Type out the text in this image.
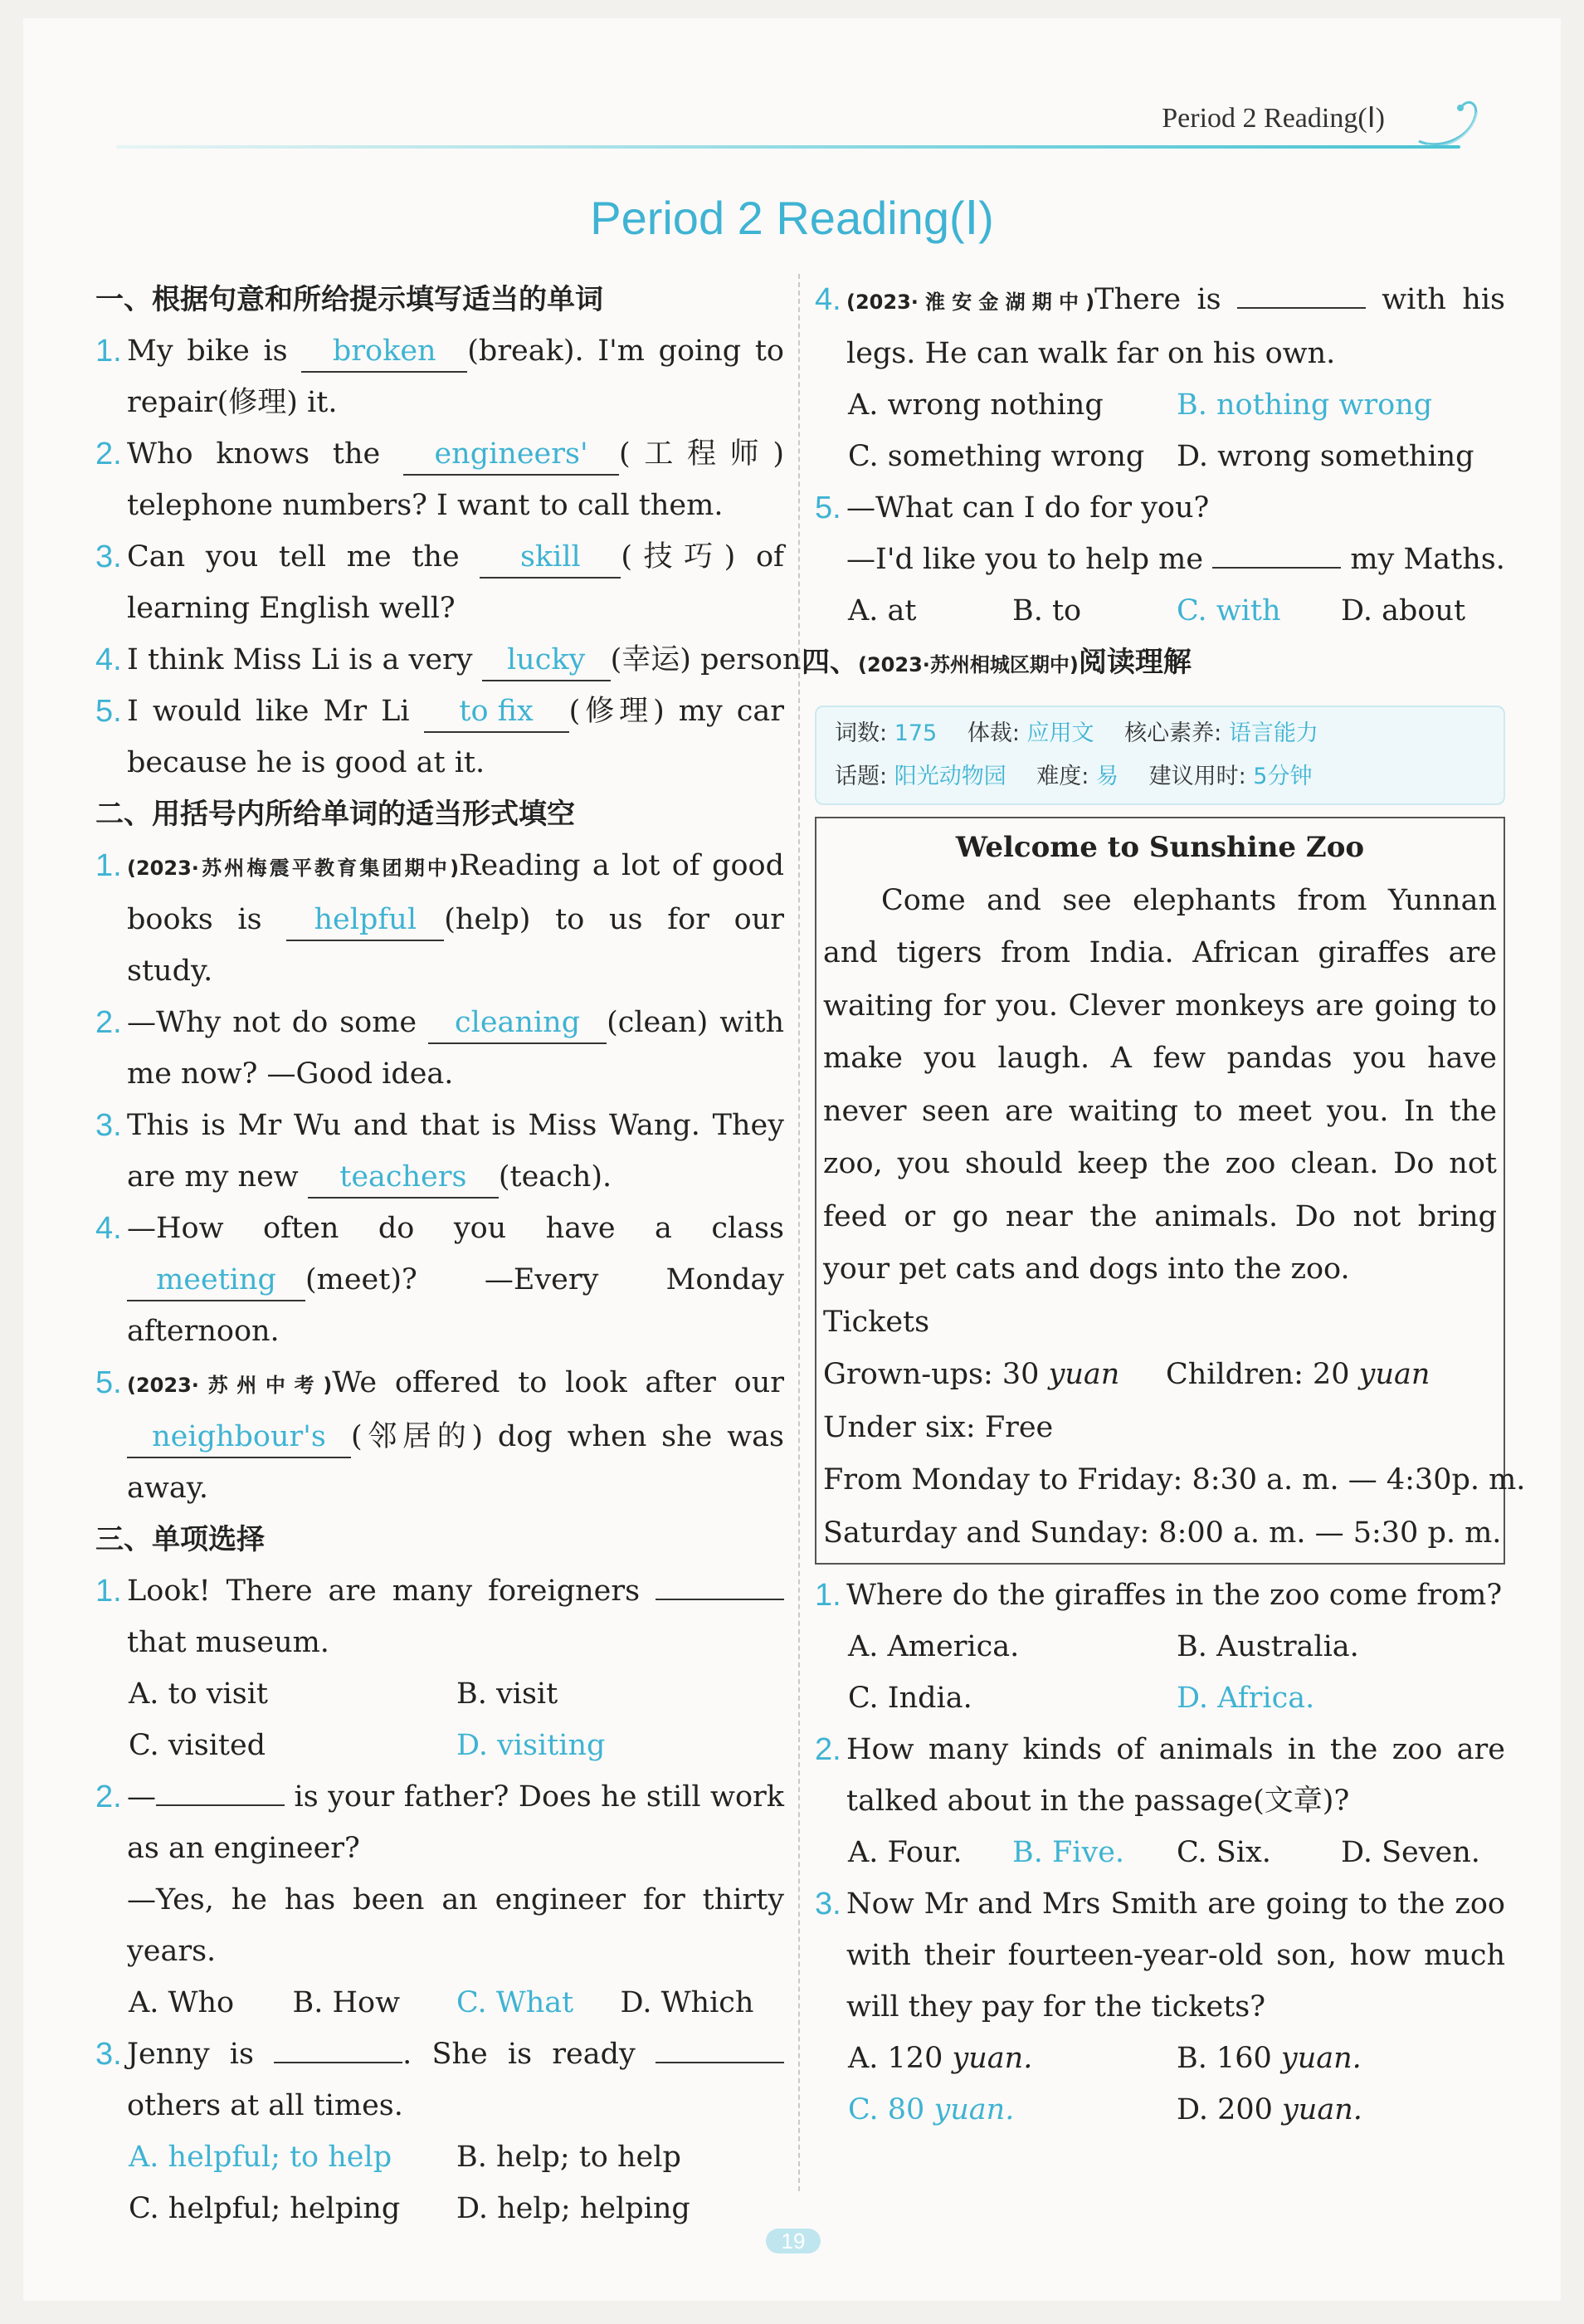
Period 2 Reading(Ⅰ)
Period 2 Reading(Ⅰ)
一、根据句意和所给提示填写适当的单词
1. My bike is broken (break). I'm going to repair(修理) it.
2. Who knows the engineers' (工程师) telephone numbers? I want to call them.
3. Can you tell me the skill (技巧) of learning English well?
4. I think Miss Li is a very lucky (幸运) person.
5. I would like Mr Li to fix (修理) my car because he is good at it.
二、用括号内所给单词的适当形式填空
1. (2023·苏州梅震平教育集团期中)Reading a lot of good books is helpful (help) to us for our study.
2. —Why not do some cleaning (clean) with me now? —Good idea.
3. This is Mr Wu and that is Miss Wang. They are my new teachers (teach).
4. —How often do you have a class meeting (meet)? —Every Monday afternoon.
5. (2023·苏州中考)We offered to look after our neighbour's (邻居的) dog when she was away.
三、单项选择
1. Look! There are many foreigners  that museum.
A. to visit	B. visit
C. visited	D. visiting
2. —	is your father? Does he still work as an engineer?
—Yes, he has been an engineer for thirty years.
A. Who	B. How	C. What	D. Which
3. Jenny is	. She is ready  others at all times.
A. helpful; to help	B. help; to help
C. helpful; helping	D. help; helping
4. (2023·淮安金湖期中)There is	with his legs. He can walk far on his own.
A. wrong nothing	B. nothing wrong
C. something wrong	D. wrong something
5. —What can I do for you?
—I'd like you to help me	my Maths.
A. at	B. to	C. with	D. about
四、(2023·苏州相城区期中)阅读理解
词数: 175 体裁: 应用文 核心素养: 语言能力
话题: 阳光动物园 难度: 易 建议用时: 5分钟
Welcome to Sunshine Zoo

Come and see elephants from Yunnan and tigers from India. African giraffes are waiting for you. Clever monkeys are going to make you laugh. A few pandas you have never seen are waiting to meet you. In the zoo, you should keep the zoo clean. Do not feed or go near the animals. Do not bring your pet cats and dogs into the zoo.

Tickets
Grown-ups: 30 yuan Children: 20 yuan
Under six: Free
From Monday to Friday: 8:30 a. m. — 4:30p. m.
Saturday and Sunday: 8:00 a. m. — 5:30 p. m.
1. Where do the giraffes in the zoo come from?
A. America.	B. Australia.
C. India.	D. Africa.
2. How many kinds of animals in the zoo are talked about in the passage(文章)?
A. Four.	B. Five.	C. Six.	D. Seven.
3. Now Mr and Mrs Smith are going to the zoo with their fourteen-year-old son, how much will they pay for the tickets?
A. 120 yuan.	B. 160 yuan.
C. 80 yuan.	D. 200 yuan.
19
